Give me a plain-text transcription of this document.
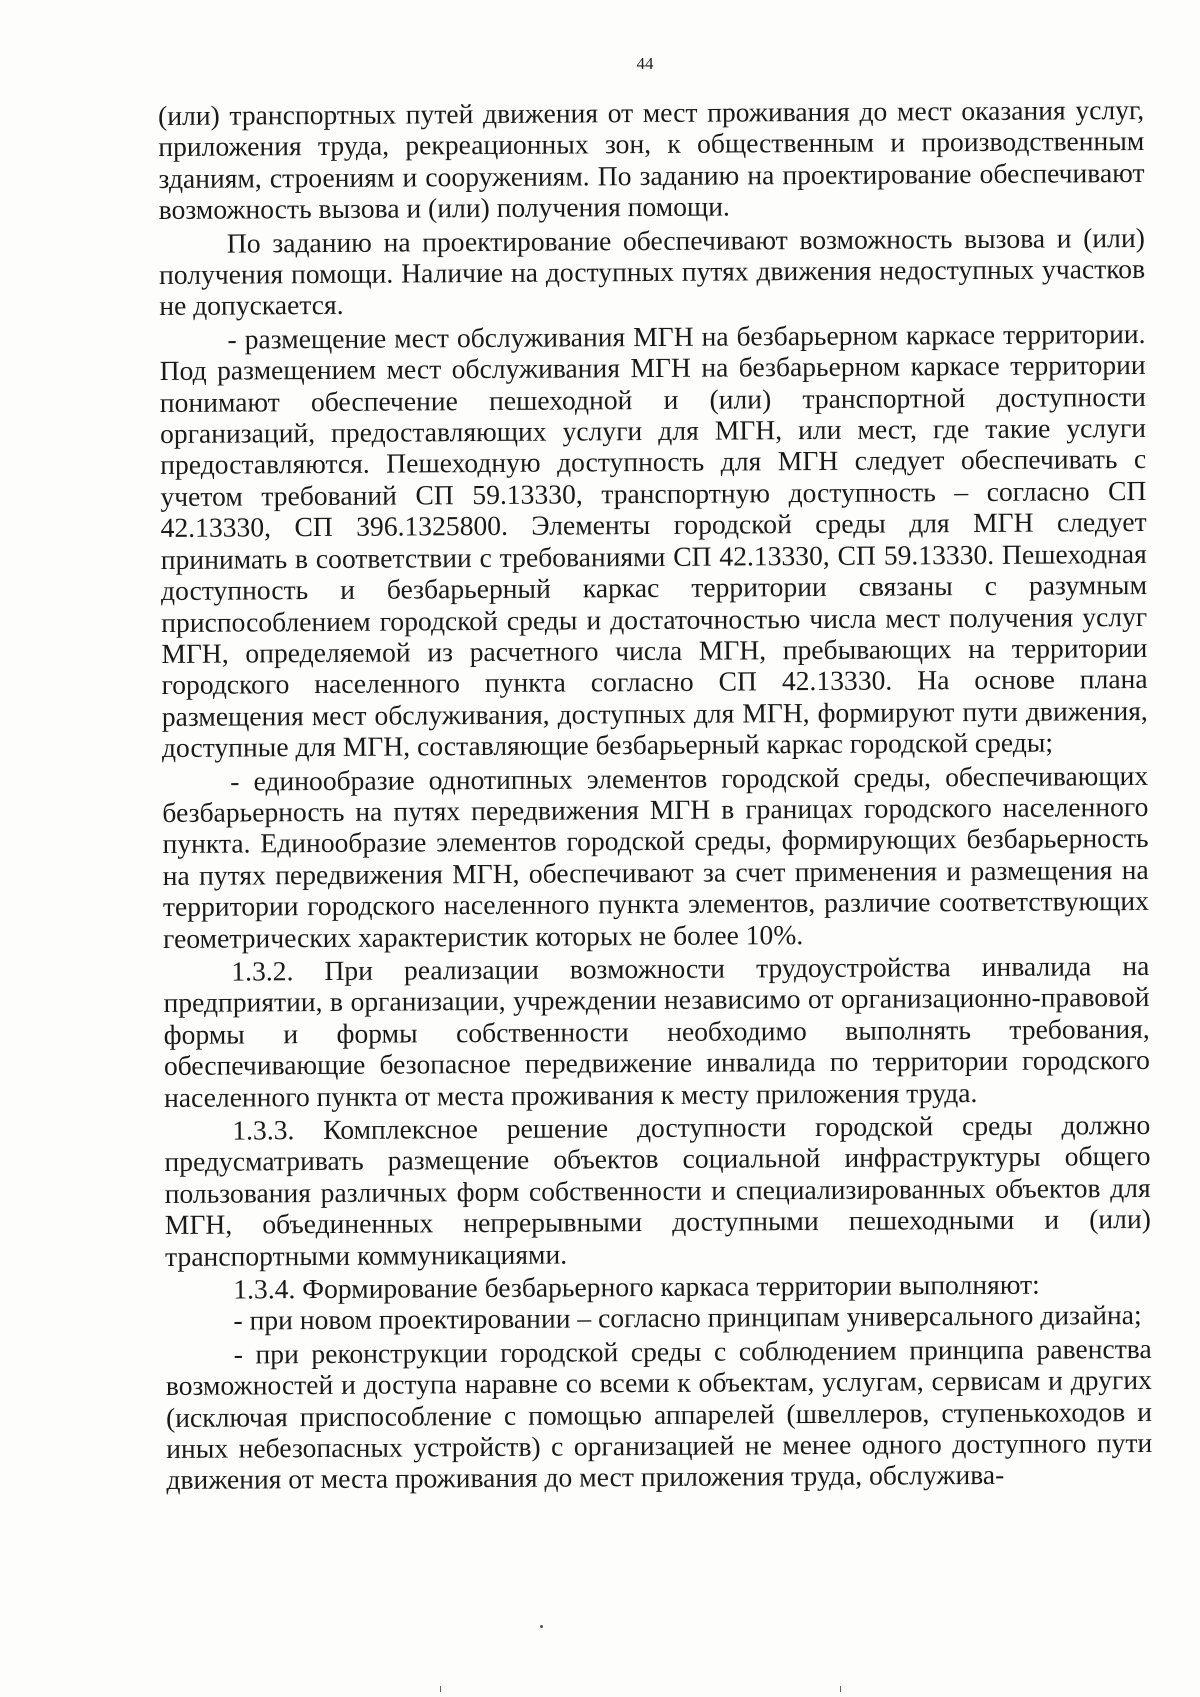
44

(или) транспортных путей движения от мест проживания до мест оказания услуг, приложения труда, рекреационных зон, к общественным и производственным зданиям, строениям и сооружениям. По заданию на проектирование обеспечивают возможность вызова и (или) получения помощи.

По заданию на проектирование обеспечивают возможность вызова и (или) получения помощи. Наличие на доступных путях движения недоступных участков не допускается.

- размещение мест обслуживания МГН на безбарьерном каркасе территории. Под размещением мест обслуживания МГН на безбарьерном каркасе территории понимают обеспечение пешеходной и (или) транспортной доступности организаций, предоставляющих услуги для МГН, или мест, где такие услуги предоставляются. Пешеходную доступность для МГН следует обеспечивать с учетом требований СП 59.13330, транспортную доступность – согласно СП 42.13330, СП 396.1325800. Элементы городской среды для МГН следует принимать в соответствии с требованиями СП 42.13330, СП 59.13330. Пешеходная доступность и безбарьерный каркас территории связаны с разумным приспособлением городской среды и достаточностью числа мест получения услуг МГН, определяемой из расчетного числа МГН, пребывающих на территории городского населенного пункта согласно СП 42.13330. На основе плана размещения мест обслуживания, доступных для МГН, формируют пути движения, доступные для МГН, составляющие безбарьерный каркас городской среды;

- единообразие однотипных элементов городской среды, обеспечивающих безбарьерность на путях передвижения МГН в границах городского населенного пункта. Единообразие элементов городской среды, формирующих безбарьерность на путях передвижения МГН, обеспечивают за счет применения и размещения на территории городского населенного пункта элементов, различие соответствующих геометрических характеристик которых не более 10%.

1.3.2. При реализации возможности трудоустройства инвалида на предприятии, в организации, учреждении независимо от организационно-правовой формы и формы собственности необходимо выполнять требования, обеспечивающие безопасное передвижение инвалида по территории городского населенного пункта от места проживания к месту приложения труда.

1.3.3. Комплексное решение доступности городской среды должно предусматривать размещение объектов социальной инфраструктуры общего пользования различных форм собственности и специализированных объектов для МГН, объединенных непрерывными доступными пешеходными и (или) транспортными коммуникациями.

1.3.4. Формирование безбарьерного каркаса территории выполняют:

- при новом проектировании – согласно принципам универсального дизайна;

- при реконструкции городской среды с соблюдением принципа равенства возможностей и доступа наравне со всеми к объектам, услугам, сервисам и других (исключая приспособление с помощью аппарелей (швеллеров, ступенькоходов и иных небезопасных устройств) с организацией не менее одного доступного пути движения от места проживания до мест приложения труда, обслужива-
